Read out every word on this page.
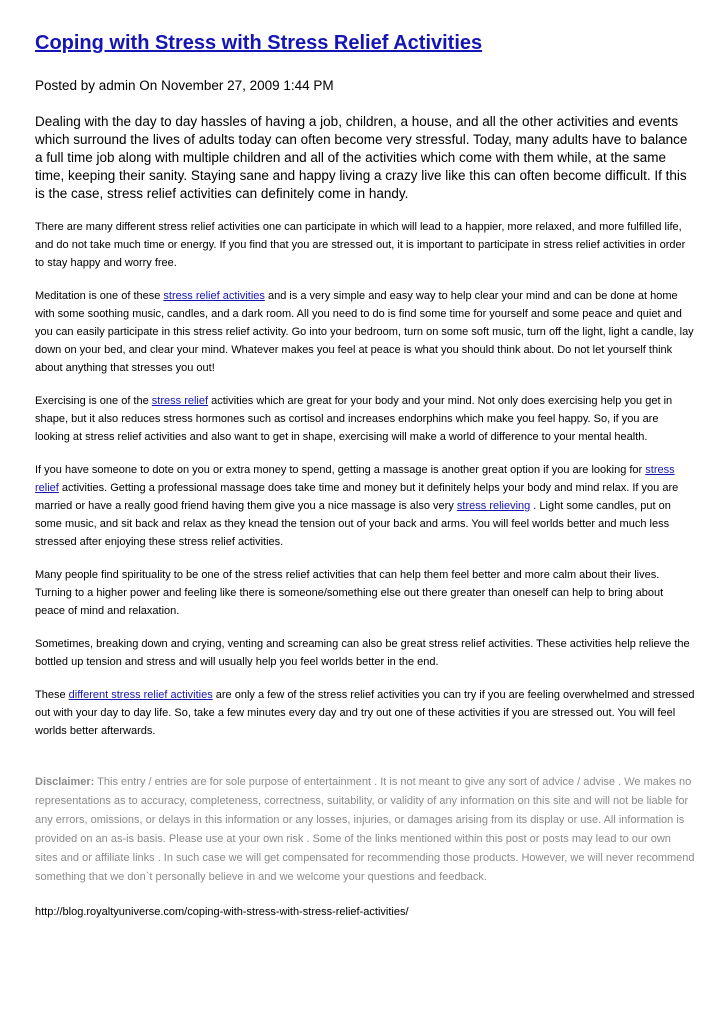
Coping with Stress with Stress Relief Activities
Posted by admin On November 27, 2009 1:44 PM
Dealing with the day to day hassles of having a job, children, a house, and all the other activities and events which surround the lives of adults today can often become very stressful. Today, many adults have to balance a full time job along with multiple children and all of the activities which come with them while, at the same time, keeping their sanity. Staying sane and happy living a crazy live like this can often become difficult. If this is the case, stress relief activities can definitely come in handy.

There are many different stress relief activities one can participate in which will lead to a happier, more relaxed, and more fulfilled life, and do not take much time or energy. If you find that you are stressed out, it is important to participate in stress relief activities in order to stay happy and worry free.

Meditation is one of these stress relief activities and is a very simple and easy way to help clear your mind and can be done at home with some soothing music, candles, and a dark room. All you need to do is find some time for yourself and some peace and quiet and you can easily participate in this stress relief activity. Go into your bedroom, turn on some soft music, turn off the light, light a candle, lay down on your bed, and clear your mind. Whatever makes you feel at peace is what you should think about. Do not let yourself think about anything that stresses you out!

Exercising is one of the stress relief activities which are great for your body and your mind. Not only does exercising help you get in shape, but it also reduces stress hormones such as cortisol and increases endorphins which make you feel happy. So, if you are looking at stress relief activities and also want to get in shape, exercising will make a world of difference to your mental health.

If you have someone to dote on you or extra money to spend, getting a massage is another great option if you are looking for stress relief activities. Getting a professional massage does take time and money but it definitely helps your body and mind relax. If you are married or have a really good friend having them give you a nice massage is also very stress relieving . Light some candles, put on some music, and sit back and relax as they knead the tension out of your back and arms. You will feel worlds better and much less stressed after enjoying these stress relief activities.

Many people find spirituality to be one of the stress relief activities that can help them feel better and more calm about their lives. Turning to a higher power and feeling like there is someone/something else out there greater than oneself can help to bring about peace of mind and relaxation.

Sometimes, breaking down and crying, venting and screaming can also be great stress relief activities. These activities help relieve the bottled up tension and stress and will usually help you feel worlds better in the end.

These different stress relief activities are only a few of the stress relief activities you can try if you are feeling overwhelmed and stressed out with your day to day life. So, take a few minutes every day and try out one of these activities if you are stressed out. You will feel worlds better afterwards.

Disclaimer: This entry / entries are for sole purpose of entertainment . It is not meant to give any sort of advice / advise . We makes no representations as to accuracy, completeness, correctness, suitability, or validity of any information on this site and will not be liable for any errors, omissions, or delays in this information or any losses, injuries, or damages arising from its display or use. All information is provided on an as-is basis. Please use at your own risk . Some of the links mentioned within this post or posts may lead to our own sites and or affiliate links . In such case we will get compensated for recommending those products. However, we will never recommend something that we don`t personally believe in and we welcome your questions and feedback.

http://blog.royaltyuniverse.com/coping-with-stress-with-stress-relief-activities/
